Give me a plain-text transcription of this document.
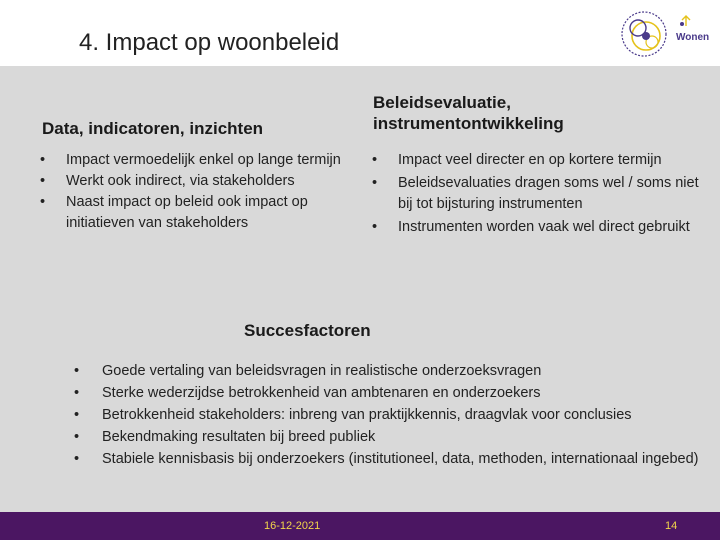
4. Impact op woonbeleid	Wonen
Data, indicatoren, inzichten
• Impact vermoedelijk enkel op lange termijn
• Werkt ook indirect, via stakeholders
• Naast impact op beleid ook impact op initiatieven van stakeholders
Beleidsevaluatie, instrumentontwikkeling
• Impact veel directer en op kortere termijn
• Beleidsevaluaties dragen soms wel / soms niet bij tot bijsturing instrumenten
• Instrumenten worden vaak wel direct gebruikt
Succesfactoren
• Goede vertaling van beleidsvragen in realistische onderzoeksvragen
• Sterke wederzijdse betrokkenheid van ambtenaren en onderzoekers
• Betrokkenheid stakeholders: inbreng van praktijkkennis, draagvlak voor conclusies
• Bekendmaking resultaten bij breed publiek
• Stabiele kennisbasis bij onderzoekers (institutioneel, data, methoden, internationaal ingebed)
16-12-2021	14
